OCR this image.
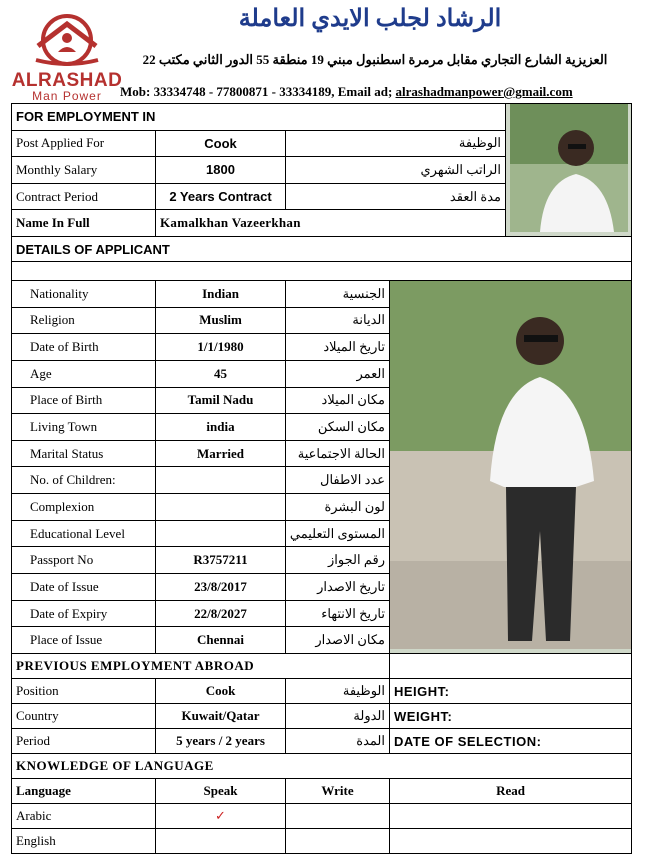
ALRASHAD
Man Power
الرشاد لجلب الايدي العاملة
العزيزية الشارع التجاري مقابل مرمرة اسطنبول مبني 19 منطقة 55 الدور الثاني مكتب 22
Mob: 33334748 - 77800871 - 33334189, Email ad; alrashadmanpower@gmail.com
FOR EMPLOYMENT IN	
Post Applied For	Cook	الوظيفة		
Monthly Salary	1800	الراتب الشهري		
Contract Period	2 Years Contract	مدة العقد		
Name In Full	Kamalkhan Vazeerkhan			
DETAILS OF APPLICANT				

Nationality	Indian	الجنسية	
Religion	Muslim	الديانة		
Date of Birth	1/1/1980	تاريخ الميلاد		
Age	45	العمر		
Place of Birth	Tamil Nadu	مكان الميلاد		
Living Town	india	مكان السكن		
Marital Status	Married	الحالة الاجتماعية		
No. of Children:		عدد الاطفال		
Complexion		لون البشرة		
Educational Level		المستوى التعليمي		
Passport No	R3757211	رقم الجواز		
Date of Issue	23/8/2017	تاريخ الاصدار		
Date of Expiry	22/8/2027	تاريخ الانتهاء		
Place of Issue	Chennai	مكان الاصدار		
PREVIOUS EMPLOYMENT ABROAD				
Position	Cook	الوظيفة	HEIGHT:	
Country	Kuwait/Qatar	الدولة	WEIGHT:	
Period	5 years / 2 years	المدة	DATE OF SELECTION:	
KNOWLEDGE OF LANGUAGE				
Language	Speak	Write	Read	
Arabic	✓			
English				
